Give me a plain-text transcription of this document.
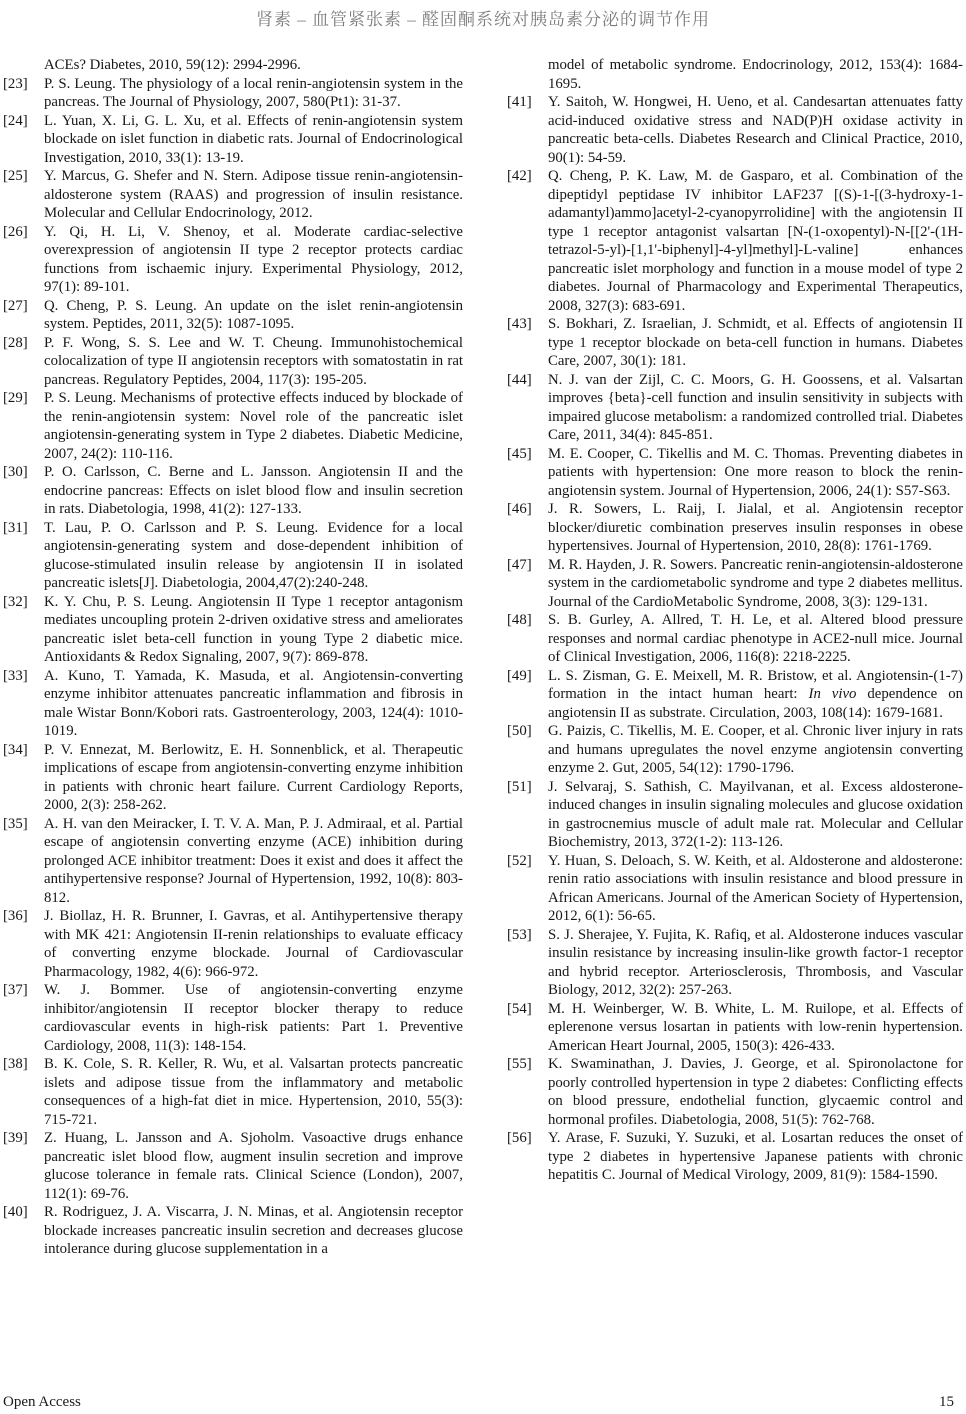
肾素 – 血管紧张素 – 醛固酮系统对胰岛素分泌的调节作用
ACEs? Diabetes, 2010, 59(12): 2994-2996.
[23] P. S. Leung. The physiology of a local renin-angiotensin system in the pancreas. The Journal of Physiology, 2007, 580(Pt1): 31-37.
[24] L. Yuan, X. Li, G. L. Xu, et al. Effects of renin-angiotensin system blockade on islet function in diabetic rats. Journal of Endocrinological Investigation, 2010, 33(1): 13-19.
[25] Y. Marcus, G. Shefer and N. Stern. Adipose tissue renin-angiotensin-aldosterone system (RAAS) and progression of insulin resistance. Molecular and Cellular Endocrinology, 2012.
[26] Y. Qi, H. Li, V. Shenoy, et al. Moderate cardiac-selective overexpression of angiotensin II type 2 receptor protects cardiac functions from ischaemic injury. Experimental Physiology, 2012, 97(1): 89-101.
[27] Q. Cheng, P. S. Leung. An update on the islet renin-angiotensin system. Peptides, 2011, 32(5): 1087-1095.
[28] P. F. Wong, S. S. Lee and W. T. Cheung. Immunohistochemical colocalization of type II angiotensin receptors with somatostatin in rat pancreas. Regulatory Peptides, 2004, 117(3): 195-205.
[29] P. S. Leung. Mechanisms of protective effects induced by blockade of the renin-angiotensin system: Novel role of the pancreatic islet angiotensin-generating system in Type 2 diabetes. Diabetic Medicine, 2007, 24(2): 110-116.
[30] P. O. Carlsson, C. Berne and L. Jansson. Angiotensin II and the endocrine pancreas: Effects on islet blood flow and insulin secretion in rats. Diabetologia, 1998, 41(2): 127-133.
[31] T. Lau, P. O. Carlsson and P. S. Leung. Evidence for a local angiotensin-generating system and dose-dependent inhibition of glucose-stimulated insulin release by angiotensin II in isolated pancreatic islets[J]. Diabetologia, 2004,47(2):240-248.
[32] K. Y. Chu, P. S. Leung. Angiotensin II Type 1 receptor antagonism mediates uncoupling protein 2-driven oxidative stress and ameliorates pancreatic islet beta-cell function in young Type 2 diabetic mice. Antioxidants & Redox Signaling, 2007, 9(7): 869-878.
[33] A. Kuno, T. Yamada, K. Masuda, et al. Angiotensin-converting enzyme inhibitor attenuates pancreatic inflammation and fibrosis in male Wistar Bonn/Kobori rats. Gastroenterology, 2003, 124(4): 1010-1019.
[34] P. V. Ennezat, M. Berlowitz, E. H. Sonnenblick, et al. Therapeutic implications of escape from angiotensin-converting enzyme inhibition in patients with chronic heart failure. Current Cardiology Reports, 2000, 2(3): 258-262.
[35] A. H. van den Meiracker, I. T. V. A. Man, P. J. Admiraal, et al. Partial escape of angiotensin converting enzyme (ACE) inhibition during prolonged ACE inhibitor treatment: Does it exist and does it affect the antihypertensive response? Journal of Hypertension, 1992, 10(8): 803-812.
[36] J. Biollaz, H. R. Brunner, I. Gavras, et al. Antihypertensive therapy with MK 421: Angiotensin II-renin relationships to evaluate efficacy of converting enzyme blockade. Journal of Cardiovascular Pharmacology, 1982, 4(6): 966-972.
[37] W. J. Bommer. Use of angiotensin-converting enzyme inhibitor/angiotensin II receptor blocker therapy to reduce cardiovascular events in high-risk patients: Part 1. Preventive Cardiology, 2008, 11(3): 148-154.
[38] B. K. Cole, S. R. Keller, R. Wu, et al. Valsartan protects pancreatic islets and adipose tissue from the inflammatory and metabolic consequences of a high-fat diet in mice. Hypertension, 2010, 55(3): 715-721.
[39] Z. Huang, L. Jansson and A. Sjoholm. Vasoactive drugs enhance pancreatic islet blood flow, augment insulin secretion and improve glucose tolerance in female rats. Clinical Science (London), 2007, 112(1): 69-76.
[40] R. Rodriguez, J. A. Viscarra, J. N. Minas, et al. Angiotensin receptor blockade increases pancreatic insulin secretion and decreases glucose intolerance during glucose supplementation in a
model of metabolic syndrome. Endocrinology, 2012, 153(4): 1684-1695.
[41] Y. Saitoh, W. Hongwei, H. Ueno, et al. Candesartan attenuates fatty acid-induced oxidative stress and NAD(P)H oxidase activity in pancreatic beta-cells. Diabetes Research and Clinical Practice, 2010, 90(1): 54-59.
[42] Q. Cheng, P. K. Law, M. de Gasparo, et al. Combination of the dipeptidyl peptidase IV inhibitor LAF237 [(S)-1-[(3-hydroxy-1-adamantyl)ammo]acetyl-2-cyanopyrrolidine] with the angiotensin II type 1 receptor antagonist valsartan [N-(1-oxopentyl)-N-[[2'-(1H-tetrazol-5-yl)-[1,1'-biphenyl]-4-yl]methyl]-L-valine] enhances pancreatic islet morphology and function in a mouse model of type 2 diabetes. Journal of Pharmacology and Experimental Therapeutics, 2008, 327(3): 683-691.
[43] S. Bokhari, Z. Israelian, J. Schmidt, et al. Effects of angiotensin II type 1 receptor blockade on beta-cell function in humans. Diabetes Care, 2007, 30(1): 181.
[44] N. J. van der Zijl, C. C. Moors, G. H. Goossens, et al. Valsartan improves {beta}-cell function and insulin sensitivity in subjects with impaired glucose metabolism: a randomized controlled trial. Diabetes Care, 2011, 34(4): 845-851.
[45] M. E. Cooper, C. Tikellis and M. C. Thomas. Preventing diabetes in patients with hypertension: One more reason to block the renin-angiotensin system. Journal of Hypertension, 2006, 24(1): S57-S63.
[46] J. R. Sowers, L. Raij, I. Jialal, et al. Angiotensin receptor blocker/diuretic combination preserves insulin responses in obese hypertensives. Journal of Hypertension, 2010, 28(8): 1761-1769.
[47] M. R. Hayden, J. R. Sowers. Pancreatic renin-angiotensin-aldosterone system in the cardiometabolic syndrome and type 2 diabetes mellitus. Journal of the CardioMetabolic Syndrome, 2008, 3(3): 129-131.
[48] S. B. Gurley, A. Allred, T. H. Le, et al. Altered blood pressure responses and normal cardiac phenotype in ACE2-null mice. Journal of Clinical Investigation, 2006, 116(8): 2218-2225.
[49] L. S. Zisman, G. E. Meixell, M. R. Bristow, et al. Angiotensin-(1-7) formation in the intact human heart: In vivo dependence on angiotensin II as substrate. Circulation, 2003, 108(14): 1679-1681.
[50] G. Paizis, C. Tikellis, M. E. Cooper, et al. Chronic liver injury in rats and humans upregulates the novel enzyme angiotensin converting enzyme 2. Gut, 2005, 54(12): 1790-1796.
[51] J. Selvaraj, S. Sathish, C. Mayilvanan, et al. Excess aldosterone-induced changes in insulin signaling molecules and glucose oxidation in gastrocnemius muscle of adult male rat. Molecular and Cellular Biochemistry, 2013, 372(1-2): 113-126.
[52] Y. Huan, S. Deloach, S. W. Keith, et al. Aldosterone and aldosterone: renin ratio associations with insulin resistance and blood pressure in African Americans. Journal of the American Society of Hypertension, 2012, 6(1): 56-65.
[53] S. J. Sherajee, Y. Fujita, K. Rafiq, et al. Aldosterone induces vascular insulin resistance by increasing insulin-like growth factor-1 receptor and hybrid receptor. Arteriosclerosis, Thrombosis, and Vascular Biology, 2012, 32(2): 257-263.
[54] M. H. Weinberger, W. B. White, L. M. Ruilope, et al. Effects of eplerenone versus losartan in patients with low-renin hypertension. American Heart Journal, 2005, 150(3): 426-433.
[55] K. Swaminathan, J. Davies, J. George, et al. Spironolactone for poorly controlled hypertension in type 2 diabetes: Conflicting effects on blood pressure, endothelial function, glycaemic control and hormonal profiles. Diabetologia, 2008, 51(5): 762-768.
[56] Y. Arase, F. Suzuki, Y. Suzuki, et al. Losartan reduces the onset of type 2 diabetes in hypertensive Japanese patients with chronic hepatitis C. Journal of Medical Virology, 2009, 81(9): 1584-1590.
Open Access	15
